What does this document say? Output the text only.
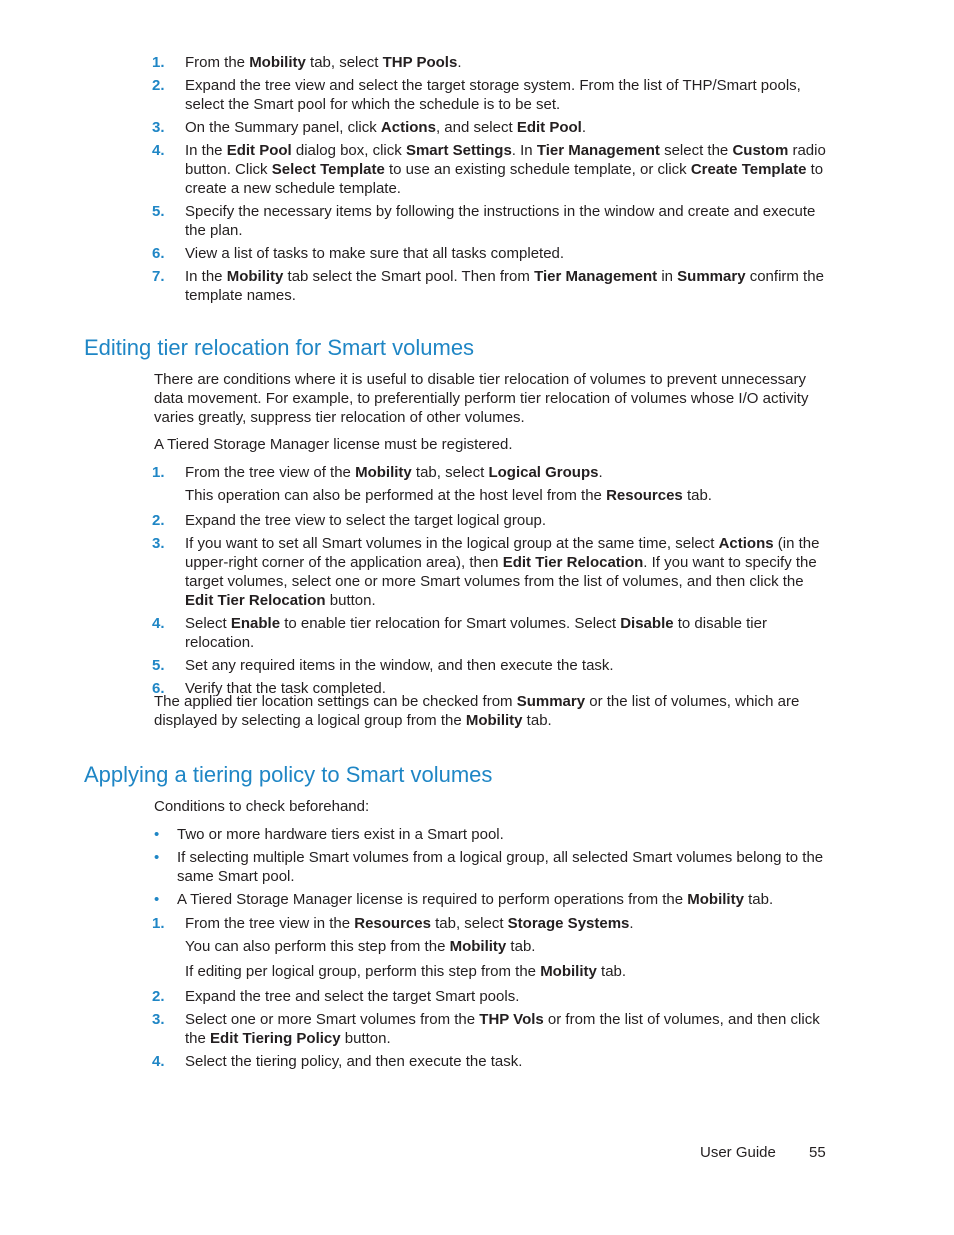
1. From the Mobility tab, select THP Pools.
2. Expand the tree view and select the target storage system. From the list of THP/Smart pools, select the Smart pool for which the schedule is to be set.
3. On the Summary panel, click Actions, and select Edit Pool.
4. In the Edit Pool dialog box, click Smart Settings. In Tier Management select the Custom radio button. Click Select Template to use an existing schedule template, or click Create Template to create a new schedule template.
5. Specify the necessary items by following the instructions in the window and create and execute the plan.
6. View a list of tasks to make sure that all tasks completed.
7. In the Mobility tab select the Smart pool. Then from Tier Management in Summary confirm the template names.
Editing tier relocation for Smart volumes

There are conditions where it is useful to disable tier relocation of volumes to prevent unnecessary data movement. For example, to preferentially perform tier relocation of volumes whose I/O activity varies greatly, suppress tier relocation of other volumes.

A Tiered Storage Manager license must be registered.

1. From the tree view of the Mobility tab, select Logical Groups.
This operation can also be performed at the host level from the Resources tab.
2. Expand the tree view to select the target logical group.
3. If you want to set all Smart volumes in the logical group at the same time, select Actions (in the upper-right corner of the application area), then Edit Tier Relocation. If you want to specify the target volumes, select one or more Smart volumes from the list of volumes, and then click the Edit Tier Relocation button.
4. Select Enable to enable tier relocation for Smart volumes. Select Disable to disable tier relocation.
5. Set any required items in the window, and then execute the task.
6. Verify that the task completed.

The applied tier location settings can be checked from Summary or the list of volumes, which are displayed by selecting a logical group from the Mobility tab.

Applying a tiering policy to Smart volumes

Conditions to check beforehand:

• Two or more hardware tiers exist in a Smart pool.
• If selecting multiple Smart volumes from a logical group, all selected Smart volumes belong to the same Smart pool.
• A Tiered Storage Manager license is required to perform operations from the Mobility tab.
1. From the tree view in the Resources tab, select Storage Systems.
You can also perform this step from the Mobility tab.
If editing per logical group, perform this step from the Mobility tab.
2. Expand the tree and select the target Smart pools.
3. Select one or more Smart volumes from the THP Vols or from the list of volumes, and then click the Edit Tiering Policy button.
4. Select the tiering policy, and then execute the task.
User Guide 55
